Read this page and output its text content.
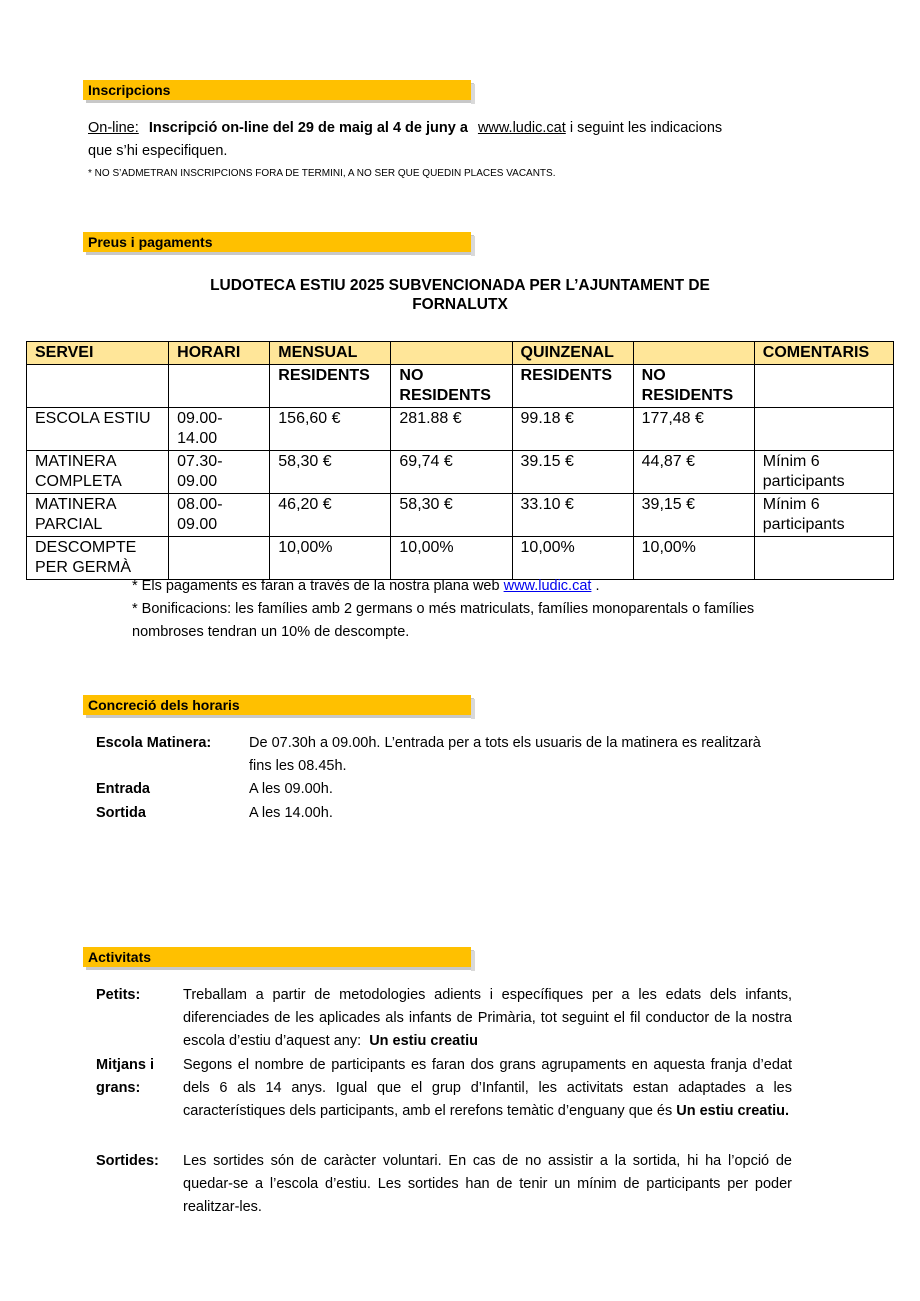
Inscripcions
On-line: Inscripció on-line del 29 de maig al 4 de juny a www.ludic.cat i seguint les indicacions
que s’hi especifiquen.
* NO S’ADMETRAN INSCRIPCIONS FORA DE TERMINI, A NO SER QUE QUEDIN PLACES VACANTS.
Preus i pagaments
LUDOTECA ESTIU 2025 SUBVENCIONADA PER L’AJUNTAMENT DE
FORNALUTX
SERVEI	HORARI	MENSUAL		QUINZENAL		COMENTARIS
		RESIDENTS	NO RESIDENTS	RESIDENTS	NO RESIDENTS	
ESCOLA ESTIU	09.00-14.00	156,60 €	281.88 €	99.18 €	177,48 €	
MATINERA COMPLETA	07.30-09.00	58,30 €	69,74 €	39.15 €	44,87 €	Mínim 6 participants
MATINERA PARCIAL	08.00-09.00	46,20 €	58,30 €	33.10 €	39,15 €	Mínim 6 participants
DESCOMPTE PER GERMÀ		10,00%	10,00%	10,00%	10,00%	
* Els pagaments es faran a través de la nostra plana web www.ludic.cat .
* Bonificacions: les famílies amb 2 germans o més matriculats, famílies monoparentals o famílies
nombroses tendran un 10% de descompte.
Concreció dels horaris
Escola Matinera:	De 07.30h a 09.00h. L’entrada per a tots els usuaris de la matinera es realitzarà
fins les 08.45h.
Entrada	A les 09.00h.
Sortida	A les 14.00h.
Activitats
Petits:	Treballam a partir de metodologies adients i específiques per a les edats dels infants, diferenciades de les aplicades als infants de Primària, tot seguint el fil conductor de la nostra escola d’estiu d’aquest any: Un estiu creatiu
Mitjans i
grans:
Segons el nombre de participants es faran dos grans agrupaments en aquesta franja d’edat dels 6 als 14 anys. Igual que el grup d’Infantil, les activitats estan adaptades a les característiques dels participants, amb el rerefons temàtic d’enguany que és Un estiu creatiu.
Sortides: Les sortides són de caràcter voluntari. En cas de no assistir a la sortida, hi ha l’opció de quedar-se a l’escola d’estiu. Les sortides han de tenir un mínim de participants per poder realitzar-les.
